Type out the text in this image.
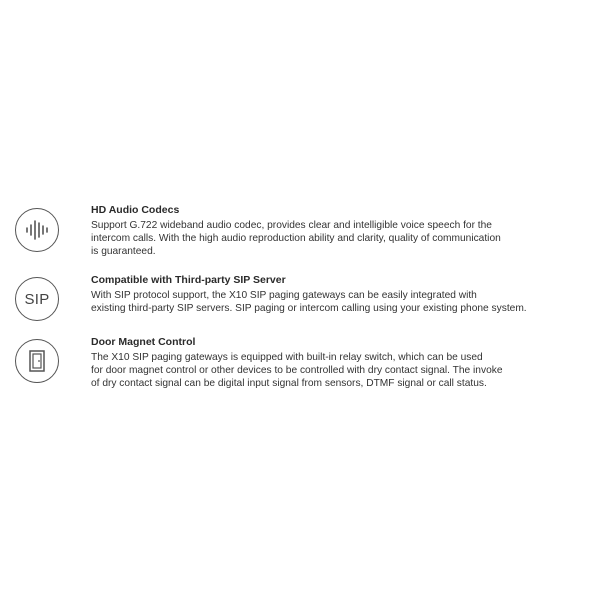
HD Audio Codecs
Support G.722 wideband audio codec, provides clear and intelligible voice speech for the
intercom calls. With the high audio reproduction ability and clarity, quality of communication
is guaranteed.
SIP
Compatible with Third-party SIP Server
With SIP protocol support, the X10 SIP paging gateways can be easily integrated with
existing third-party SIP servers. SIP paging or intercom calling using your existing phone system.
Door Magnet Control
The X10 SIP paging gateways is equipped with built-in relay switch, which can be used
for door magnet control or other devices to be controlled with dry contact signal. The invoke
of dry contact signal can be digital input signal from sensors, DTMF signal or call status.
